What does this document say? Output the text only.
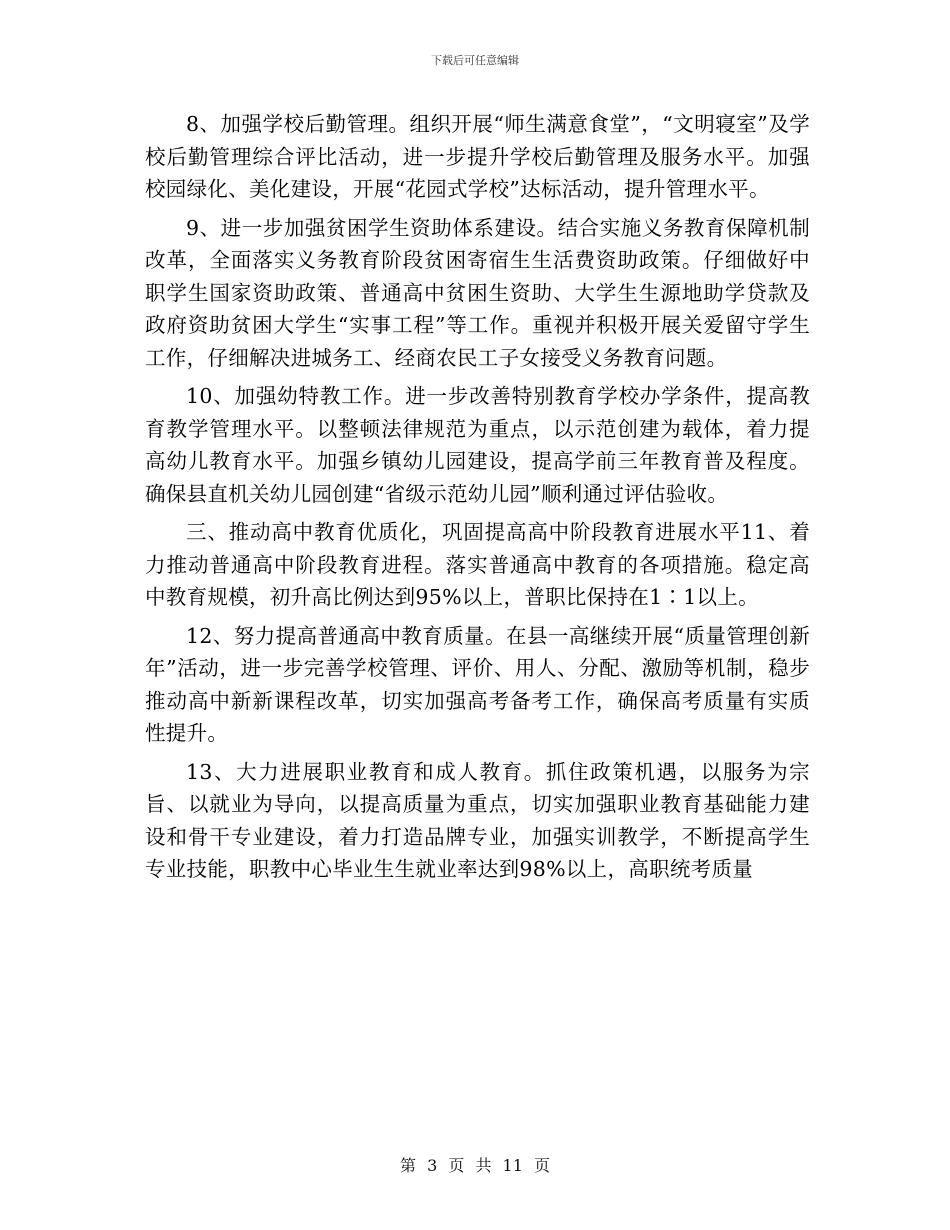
下载后可任意编辑

8、加强学校后勤管理。组织开展“师生满意食堂”，“文明寝室”及学校后勤管理综合评比活动，进一步提升学校后勤管理及服务水平。加强校园绿化、美化建设，开展“花园式学校”达标活动，提升管理水平。

9、进一步加强贫困学生资助体系建设。结合实施义务教育保障机制改革，全面落实义务教育阶段贫困寄宿生生活费资助政策。仔细做好中职学生国家资助政策、普通高中贫困生资助、大学生生源地助学贷款及政府资助贫困大学生“实事工程”等工作。重视并积极开展关爱留守学生工作，仔细解决进城务工、经商农民工子女接受义务教育问题。

10、加强幼特教工作。进一步改善特别教育学校办学条件，提高教育教学管理水平。以整顿法律规范为重点，以示范创建为载体，着力提高幼儿教育水平。加强乡镇幼儿园建设，提高学前三年教育普及程度。确保县直机关幼儿园创建“省级示范幼儿园”顺利通过评估验收。

三、推动高中教育优质化，巩固提高高中阶段教育进展水平11、着力推动普通高中阶段教育进程。落实普通高中教育的各项措施。稳定高中教育规模，初升高比例达到95%以上，普职比保持在1∶1以上。

12、努力提高普通高中教育质量。在县一高继续开展“质量管理创新年”活动，进一步完善学校管理、评价、用人、分配、激励等机制，稳步推动高中新新课程改革，切实加强高考备考工作，确保高考质量有实质性提升。

13、大力进展职业教育和成人教育。抓住政策机遇，以服务为宗旨、以就业为导向，以提高质量为重点，切实加强职业教育基础能力建设和骨干专业建设，着力打造品牌专业，加强实训教学，不断提高学生专业技能，职教中心毕业生生就业率达到98%以上，高职统考质量

第 3 页 共 11 页
